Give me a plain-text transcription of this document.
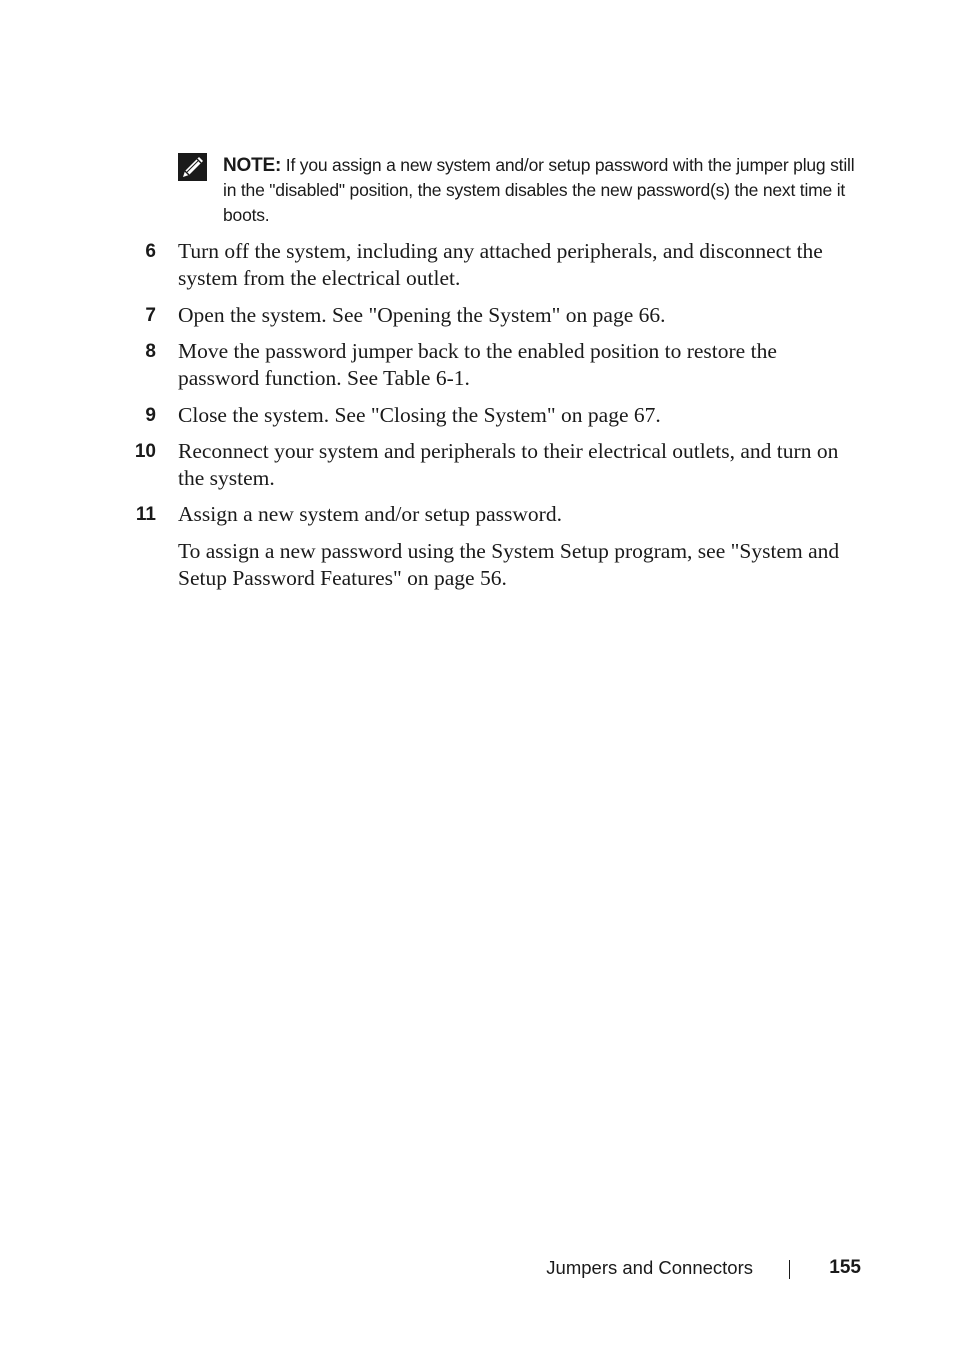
NOTE: If you assign a new system and/or setup password with the jumper plug still in the "disabled" position, the system disables the new password(s) the next time it boots.
6 Turn off the system, including any attached peripherals, and disconnect the system from the electrical outlet.
7 Open the system. See "Opening the System" on page 66.
8 Move the password jumper back to the enabled position to restore the password function. See Table 6-1.
9 Close the system. See "Closing the System" on page 67.
10 Reconnect your system and peripherals to their electrical outlets, and turn on the system.
11 Assign a new system and/or setup password.
To assign a new password using the System Setup program, see "System and Setup Password Features" on page 56.
Jumpers and Connectors	155
